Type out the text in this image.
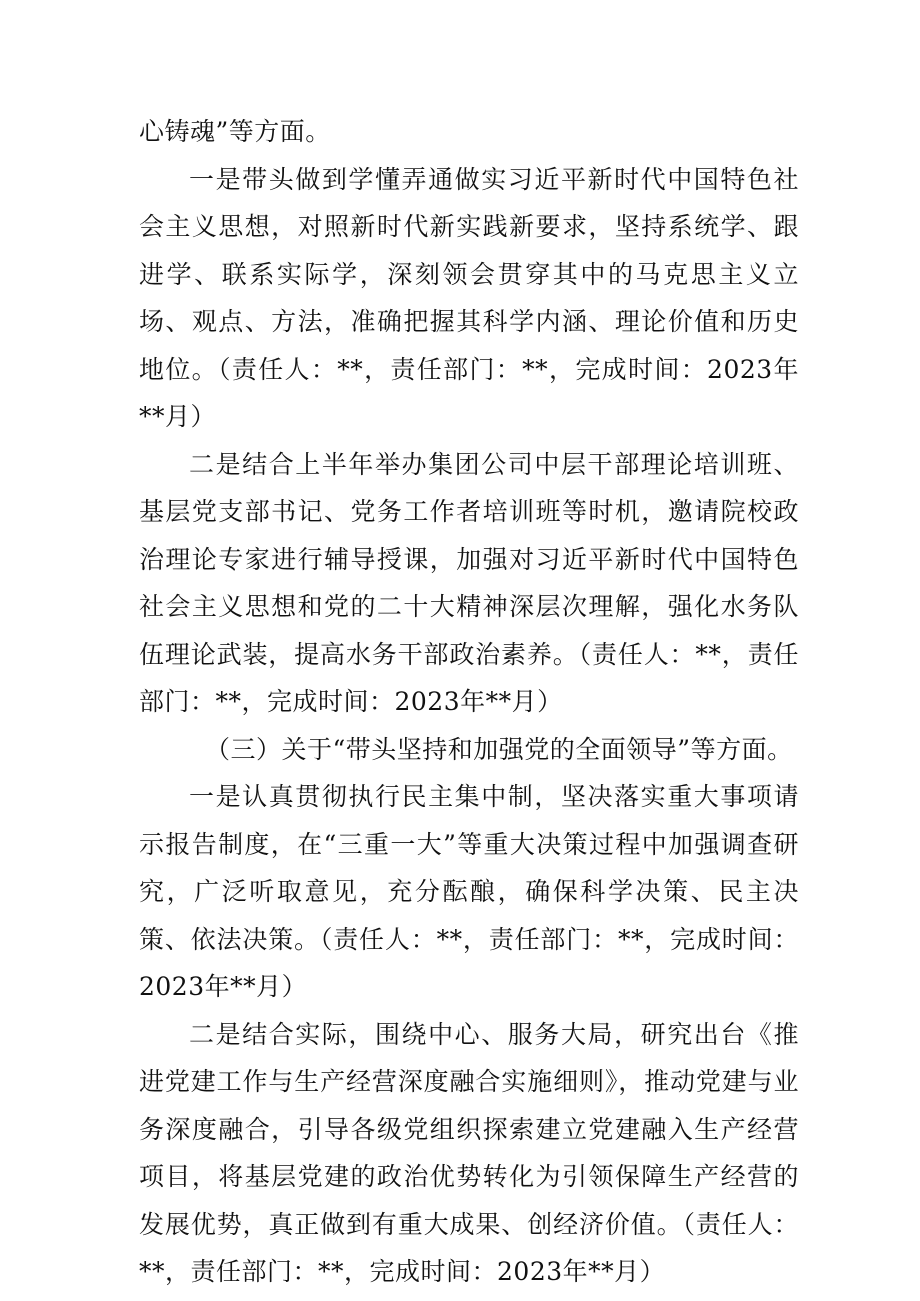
心铸魂”等方面。

一是带头做到学懂弄通做实习近平新时代中国特色社会主义思想，对照新时代新实践新要求，坚持系统学、跟进学、联系实际学，深刻领会贯穿其中的马克思主义立场、观点、方法，准确把握其科学内涵、理论价值和历史地位。（责任人：**，责任部门：**，完成时间：2023年**月）

二是结合上半年举办集团公司中层干部理论培训班、基层党支部书记、党务工作者培训班等时机，邀请院校政治理论专家进行辅导授课，加强对习近平新时代中国特色社会主义思想和党的二十大精神深层次理解，强化水务队伍理论武装，提高水务干部政治素养。（责任人：**，责任部门：**，完成时间：2023年**月）

（三）关于“带头坚持和加强党的全面领导”等方面。

一是认真贯彻执行民主集中制，坚决落实重大事项请示报告制度，在“三重一大”等重大决策过程中加强调查研究，广泛听取意见，充分酝酿，确保科学决策、民主决策、依法决策。（责任人：**，责任部门：**，完成时间：2023年**月）

二是结合实际，围绕中心、服务大局，研究出台《推进党建工作与生产经营深度融合实施细则》，推动党建与业务深度融合，引导各级党组织探索建立党建融入生产经营项目，将基层党建的政治优势转化为引领保障生产经营的发展优势，真正做到有重大成果、创经济价值。（责任人：**，责任部门：**，完成时间：2023年**月）
